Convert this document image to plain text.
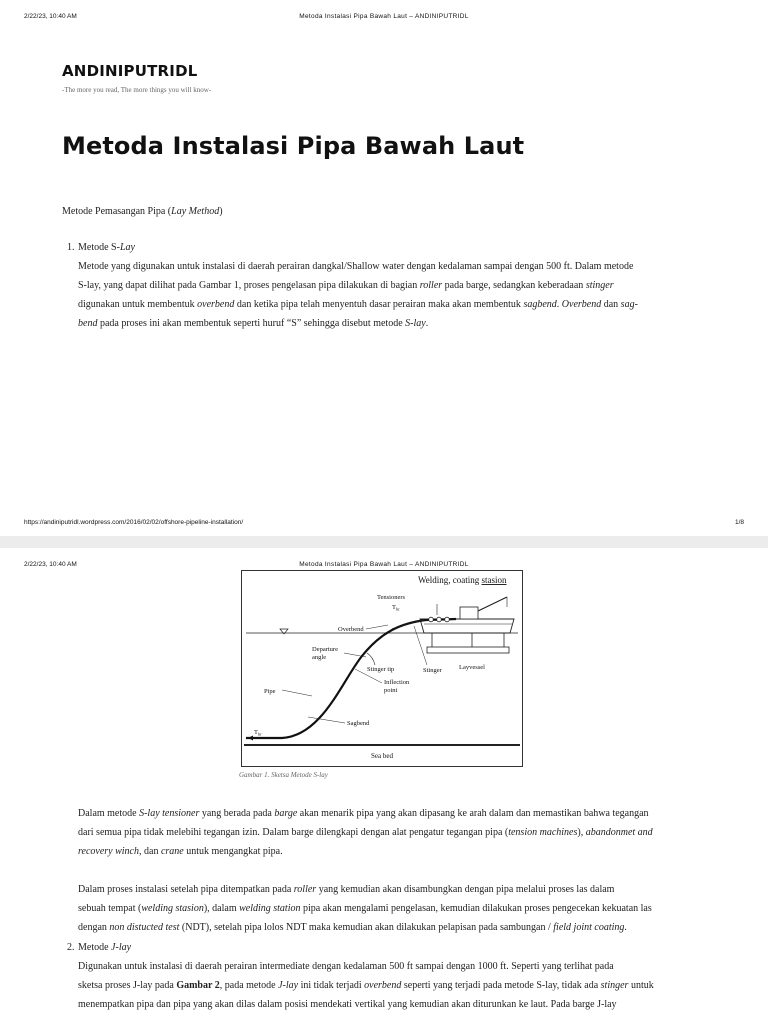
2/22/23, 10:40 AM	Metoda Instalasi Pipa Bawah Laut – ANDINIPUTRIDL
ANDINIPUTRIDL
-The more you read, The more things you will know-
Metoda Instalasi Pipa Bawah Laut
Metode Pemasangan Pipa (Lay Method)
1. Metode S-Lay
Metode yang digunakan untuk instalasi di daerah perairan dangkal/Shallow water dengan kedalaman sampai dengan 500 ft. Dalam metode
S-lay, yang dapat dilihat pada Gambar 1, proses pengelasan pipa dilakukan di bagian roller pada barge, sedangkan keberadaan stinger
digunakan untuk membentuk overbend dan ketika pipa telah menyentuh dasar perairan maka akan membentuk sagbend. Overbend dan sag-
bend pada proses ini akan membentuk seperti huruf “S” sehingga disebut metode S-lay.
https://andiniputridl.wordpress.com/2016/02/02/offshore-pipeline-installation/	1/8
2/22/23, 10:40 AM	Metoda Instalasi Pipa Bawah Laut – ANDINIPUTRIDL
Welding, coating stasion
Tensioners
$T_{hr}$
Overbend
Departure
angle
Stinger tip	Stinger	Layvessel
Inflection
point
Pipe
Sagbend
$T_{hr}$
Sea bed
Gambar 1. Sketsa Metode S-lay
Dalam metode S-lay tensioner yang berada pada barge akan menarik pipa yang akan dipasang ke arah dalam dan memastikan bahwa tegangan
dari semua pipa tidak melebihi tegangan izin. Dalam barge dilengkapi dengan alat pengatur tegangan pipa (tension machines), abandonmet and
recovery winch, dan crane untuk mengangkat pipa.
Dalam proses instalasi setelah pipa ditempatkan pada roller yang kemudian akan disambungkan dengan pipa melalui proses las dalam
sebuah tempat (welding stasion), dalam welding station pipa akan mengalami pengelasan, kemudian dilakukan proses pengecekan kekuatan las
dengan non distucted test (NDT), setelah pipa lolos NDT maka kemudian akan dilakukan pelapisan pada sambungan / field joint coating.
2. Metode J-lay
Digunakan untuk instalasi di daerah perairan intermediate dengan kedalaman 500 ft sampai dengan 1000 ft. Seperti yang terlihat pada
sketsa proses J-lay pada Gambar 2, pada metode J-lay ini tidak terjadi overbend seperti yang terjadi pada metode S-lay, tidak ada stinger untuk
menempatkan pipa dan pipa yang akan dilas dalam posisi mendekati vertikal yang kemudian akan diturunkan ke laut. Pada barge J-lay
